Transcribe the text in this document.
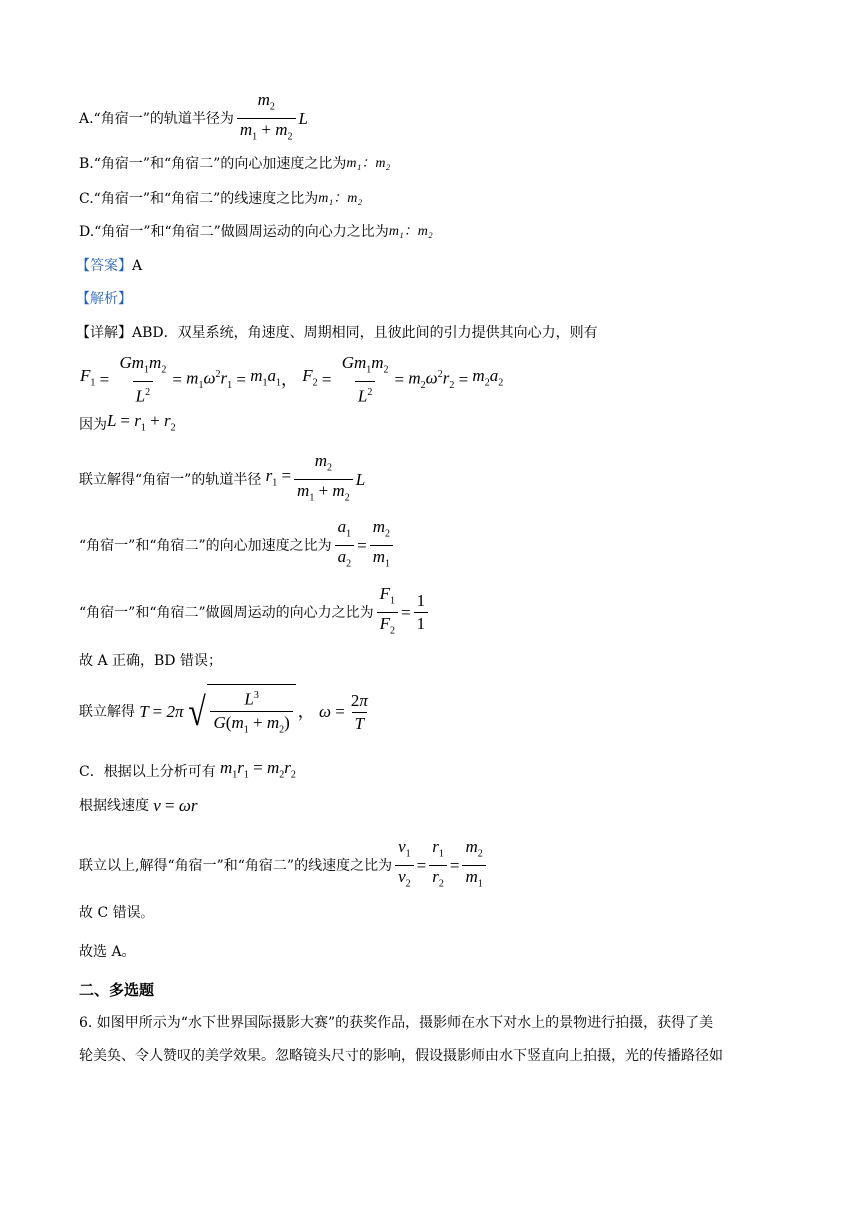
A.“角宿一”的轨道半径为 $\frac{m_2}{m_1 + m_2}$ L
B.“角宿一”和“角宿二”的向心加速度之比为 m₁：m₂
C.“角宿一”和“角宿二”的线速度之比为 m₁：m₂
D.“角宿一”和“角宿二”做圆周运动的向心力之比为 m₁：m₂
【 答案 】 A
【 解析 】
【 详解 】 ABD．双星系统，角速度、周期相同，且彼此间的引力提供其向心力，则有
$F_1 = \frac{Gm_1m_2}{L^2} = m_1\omega^2r_1 = m_1a_1$ ， $F_2 = \frac{Gm_1m_2}{L^2} = m_2\omega^2r_2 = m_2a_2$
因为 $L = r_1 + r_2$
联立解得“角宿一”的轨道半径 $r_1 = \frac{m_2}{m_1 + m_2}$ L
“角宿一”和“角宿二”的向心加速度之比为 $\frac{a_1}{a_2} = \frac{m_2}{m_1}$
“角宿一”和“角宿二”做圆周运动的向心力之比为 $\frac{F_1}{F_2} = \frac{1}{1}$
故 A 正确，BD 错误；
联立解得 T = 2π √ $\frac{L^3}{G(m_1 + m_2)}$ ， $\omega = \frac{2\pi}{T}$
C．根据以上分析可有 $m_1r_1 = m_2r_2$
根据线速度 v = ωr
联立以上,解得“角宿一”和“角宿二”的线速度之比为 $\frac{v_1}{v_2} = \frac{r_1}{r_2} = \frac{m_2}{m_1}$
故 C 错误 。
故选 A。
二、多选题
6. 如图甲所示为“水下世界国际摄影大赛”的获奖作品，摄影师在水下对水上的景物进行拍摄，获得了美
轮美奂、令人赞叹的美学效果。忽略镜头尺寸的影响，假设摄影师由水下竖直向上拍摄，光的传播路径如
